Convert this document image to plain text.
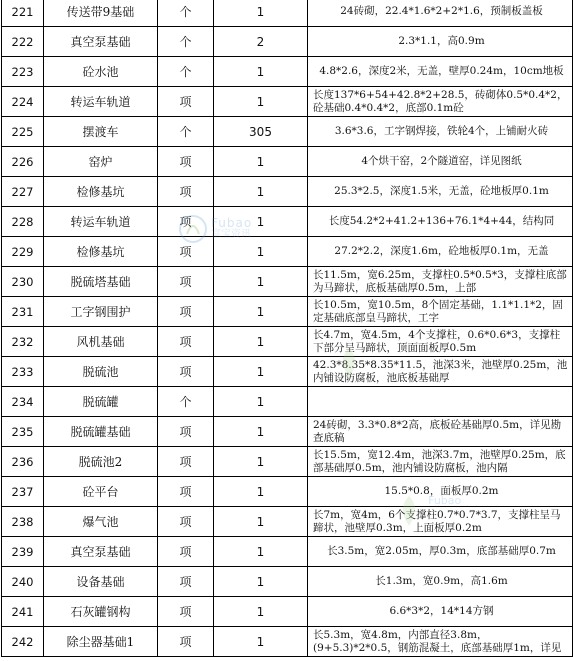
221	传送带9基础	个	1	24砖砌，22.4*1.6*2+2*1.6，预制板盖板

222	真空泵基础	个	2	2.3*1.1，高0.9m

223	砼水池	个	1	4.8*2.6，深度2米，无盖，壁厚0.24m，10cm地板

224	转运车轨道	项	1	长度137*6+54+42.8*2+28.5，砖砌体0.5*0.4*2，砼基础0.4*0.4*2，底部0.1m砼

225	摆渡车	个	305	3.6*3.6，工字钢焊接，铁轮4个，上铺耐火砖

226	窑炉	项	1	4个烘干窑，2个隧道窑，详见图纸

227	检修基坑	项	1	25.3*2.5，深度1.5米，无盖，砼地板厚0.1m

228	转运车轨道	项	1	长度54.2*2+41.2+136+76.1*4+44，结构同

229	检修基坑	项	1	27.2*2.2，深度1.6m，砼地板厚0.1m，无盖

230	脱硫塔基础	项	1	长11.5m，宽6.25m，支撑柱0.5*0.5*3，支撑柱底部为马蹄状，底板基础厚0.5m，上部

231	工字钢围护	项	1	长10.5m，宽10.5m，8个固定基础，1.1*1.1*2，固定基础底部皇马蹄状，工字

232	风机基础	项	1	长4.7m，宽4.5m，4个支撑柱，0.6*0.6*3，支撑柱下部分呈马蹄状，顶面面板厚0.5m

233	脱硫池	项	1	42.3*8.35*8.35*11.5，池深3米，池壁厚0.25m，池内铺设防腐板，池底板基础厚

234	脱硫罐	个	1	

235	脱硫罐基础	项	1	24砖砌，3.3*0.8*2高，底板砼基础厚0.5m，详见勘查底稿

236	脱硫池2	项	1	长15.5m，宽12.4m，池深3.7m，池壁厚0.25m，底部基础厚0.5m，池内铺设防腐板，池内隔

237	砼平台	项	1	15.5*0.8，面板厚0.2m

238	爆气池	项	1	长7m，宽4m，6个支撑柱0.7*0.7*3.7，支撑柱呈马蹄状，池壁厚0.3m，上面板厚0.2m

239	真空泵基础	项	1	长3.5m，宽2.05m，厚0.3m，底部基础厚0.7m

240	设备基础	项	1	长1.3m，宽0.9m，高1.6m

241	石灰罐钢构	项	1	6.6*3*2，14*14方钢

242	除尘器基础1	项	1	长5.3m，宽4.8m，内部直径3.8m，(9+5.3)*2*0.5，钢筋混凝土，底部基础厚1m，详见
Fubao
富宝资讯
$^{Fubao}$
